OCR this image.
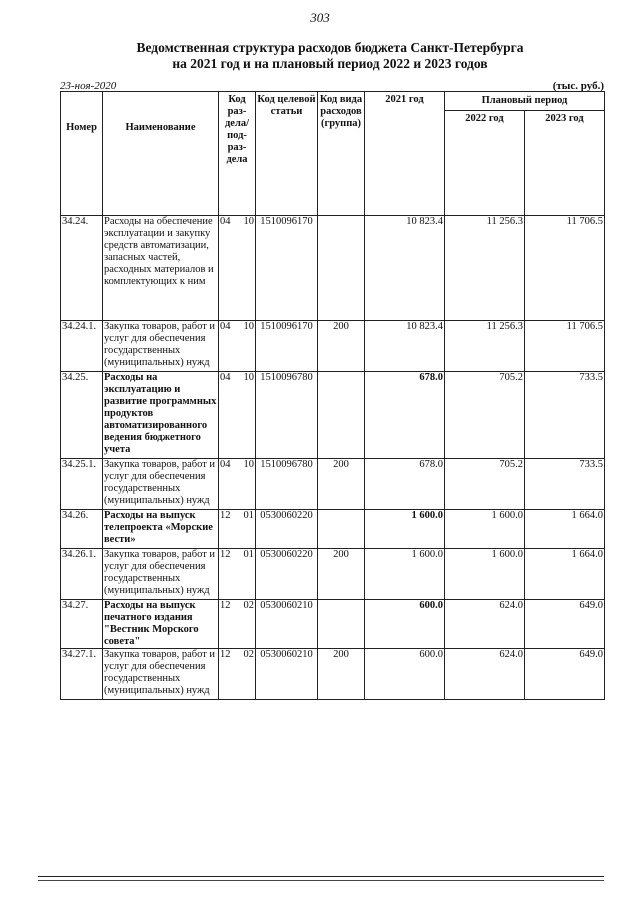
303
Ведомственная структура расходов бюджета Санкт-Петербурга
на 2021 год и на плановый период 2022 и 2023 годов
23-ноя-2020	(тыс. руб.)
Номер	Наименование	Код раз- дела/ под- раз- дела	Код целевой статьи	Код вида расходов (группа)	2021 год	Плановый период	
						2022 год	2023 год
34.24.	Расходы на обеспечение эксплуатации и закупку средств автоматизации, запасных частей, расходных материалов и комплектующих к ним	04 10	1510096170		10 823.4	11 256.3	11 706.5
34.24.1.	Закупка товаров, работ и услуг для обеспечения государственных (муниципальных) нужд	04 10	1510096170	200	10 823.4	11 256.3	11 706.5
34.25.	Расходы на эксплуатацию и развитие программных продуктов автоматизированного ведения бюджетного учета	04 10	1510096780		678.0	705.2	733.5
34.25.1.	Закупка товаров, работ и услуг для обеспечения государственных (муниципальных) нужд	04 10	1510096780	200	678.0	705.2	733.5
34.26.	Расходы на выпуск телепроекта «Морские вести»	12 01	0530060220		1 600.0	1 600.0	1 664.0
34.26.1.	Закупка товаров, работ и услуг для обеспечения государственных (муниципальных) нужд	12 01	0530060220	200	1 600.0	1 600.0	1 664.0
34.27.	Расходы на выпуск печатного издания "Вестник Морского совета"	12 02	0530060210		600.0	624.0	649.0
34.27.1.	Закупка товаров, работ и услуг для обеспечения государственных (муниципальных) нужд	12 02	0530060210	200	600.0	624.0	649.0
